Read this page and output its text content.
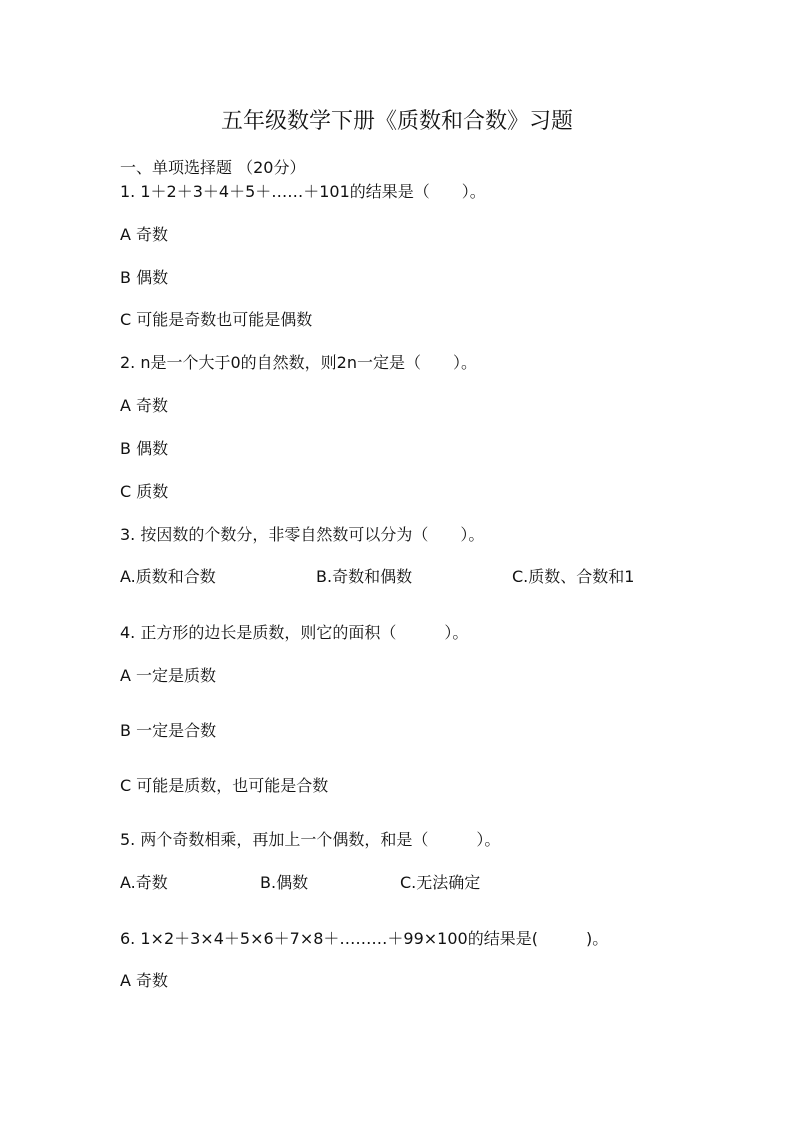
五年级数学下册《质数和合数》习题
一、单项选择题 （20分）
1. 1＋2＋3＋4＋5＋……＋101的结果是（　　）。
A 奇数
B 偶数
C 可能是奇数也可能是偶数
2. n是一个大于0的自然数，则2n一定是（　　）。
A 奇数
B 偶数
C 质数
3. 按因数的个数分，非零自然数可以分为（　　）。
A.质数和合数	B.奇数和偶数	C.质数、合数和1
4. 正方形的边长是质数，则它的面积（　　　）。
A 一定是质数
B 一定是合数
C 可能是质数，也可能是合数
5. 两个奇数相乘，再加上一个偶数，和是（　　　）。
A.奇数	B.偶数	C.无法确定
6. 1×2＋3×4＋5×6＋7×8＋………＋99×100的结果是(　　　)。
A 奇数
